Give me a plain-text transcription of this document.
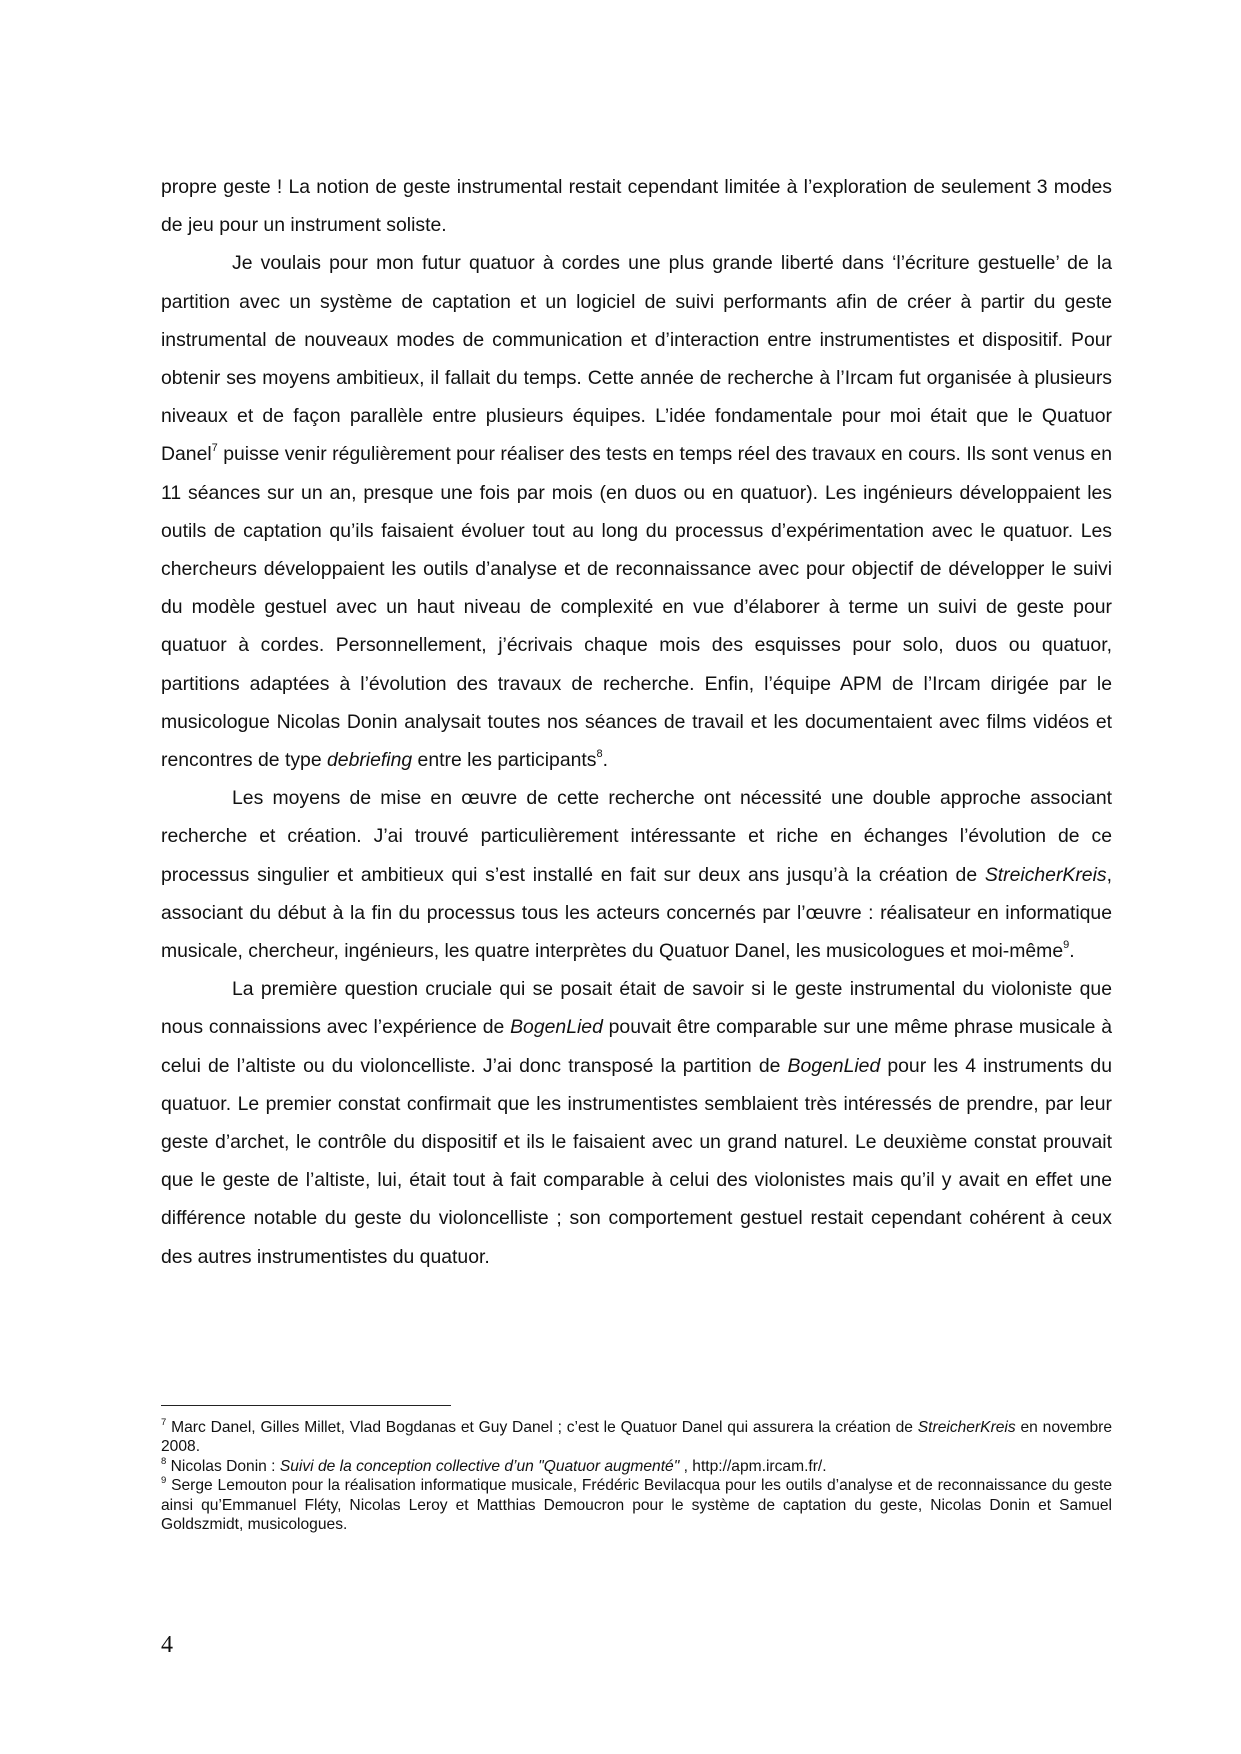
propre geste ! La notion de geste instrumental restait cependant limitée à l’exploration de seulement 3 modes de jeu pour un instrument soliste.

Je voulais pour mon futur quatuor à cordes une plus grande liberté dans ‘l’écriture gestuelle’ de la partition avec un système de captation et un logiciel de suivi performants afin de créer à partir du geste instrumental de nouveaux modes de communication et d’interaction entre instrumentistes et dispositif. Pour obtenir ses moyens ambitieux, il fallait du temps. Cette année de recherche à l’Ircam fut organisée à plusieurs niveaux et de façon parallèle entre plusieurs équipes. L’idée fondamentale pour moi était que le Quatuor Danel$^7$ puisse venir régulièrement pour réaliser des tests en temps réel des travaux en cours. Ils sont venus en 11 séances sur un an, presque une fois par mois (en duos ou en quatuor). Les ingénieurs développaient les outils de captation qu’ils faisaient évoluer tout au long du processus d’expérimentation avec le quatuor. Les chercheurs développaient les outils d’analyse et de reconnaissance avec pour objectif de développer le suivi du modèle gestuel avec un haut niveau de complexité en vue d’élaborer à terme un suivi de geste pour quatuor à cordes. Personnellement, j’écrivais chaque mois des esquisses pour solo, duos ou quatuor, partitions adaptées à l’évolution des travaux de recherche. Enfin, l’équipe APM de l’Ircam dirigée par le musicologue Nicolas Donin analysait toutes nos séances de travail et les documentaient avec films vidéos et rencontres de type debriefing entre les participants$^8$.

Les moyens de mise en œuvre de cette recherche ont nécessité une double approche associant recherche et création. J’ai trouvé particulièrement intéressante et riche en échanges l’évolution de ce processus singulier et ambitieux qui s’est installé en fait sur deux ans jusqu’à la création de StreicherKreis, associant du début à la fin du processus tous les acteurs concernés par l’œuvre : réalisateur en informatique musicale, chercheur, ingénieurs, les quatre interprètes du Quatuor Danel, les musicologues et moi-même$^9$.

La première question cruciale qui se posait était de savoir si le geste instrumental du violoniste que nous connaissions avec l’expérience de BogenLied pouvait être comparable sur une même phrase musicale à celui de l’altiste ou du violoncelliste. J’ai donc transposé la partition de BogenLied pour les 4 instruments du quatuor. Le premier constat confirmait que les instrumentistes semblaient très intéressés de prendre, par leur geste d’archet, le contrôle du dispositif et ils le faisaient avec un grand naturel. Le deuxième constat prouvait que le geste de l’altiste, lui, était tout à fait comparable à celui des violonistes mais qu’il y avait en effet une différence notable du geste du violoncelliste ; son comportement gestuel restait cependant cohérent à ceux des autres instrumentistes du quatuor.

$^7$ Marc Danel, Gilles Millet, Vlad Bogdanas et Guy Danel ; c’est le Quatuor Danel qui assurera la création de StreicherKreis en novembre 2008.

$^8$ Nicolas Donin : Suivi de la conception collective d’un "Quatuor augmenté" , http://apm.ircam.fr/.

$^9$ Serge Lemouton pour la réalisation informatique musicale, Frédéric Bevilacqua pour les outils d’analyse et de reconnaissance du geste ainsi qu’Emmanuel Fléty, Nicolas Leroy et Matthias Demoucron pour le système de captation du geste, Nicolas Donin et Samuel Goldszmidt, musicologues.

4
